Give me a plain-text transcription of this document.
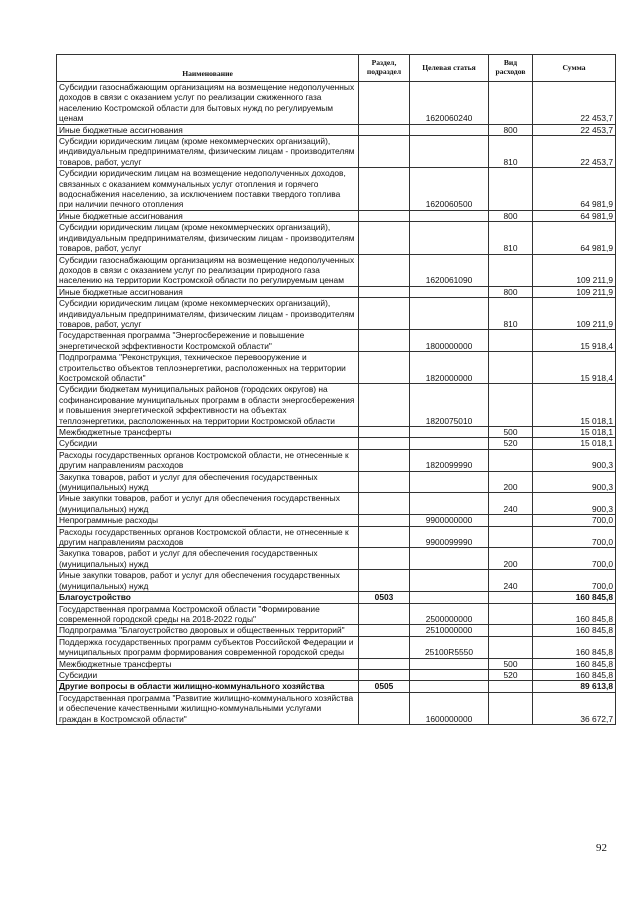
Наименование	Раздел, подраздел	Целевая статья	Вид расходов	Сумма
Субсидии газоснабжающим организациям на возмещение недополученных доходов в связи с оказанием услуг по реализации сжиженного газа населению Костромской области для бытовых нужд по регулируемым ценам		1620060240		22 453,7
Иные бюджетные ассигнования			800	22 453,7
Субсидии юридическим лицам (кроме некоммерческих организаций), индивидуальным предпринимателям, физическим лицам - производителям товаров, работ, услуг			810	22 453,7
Субсидии юридическим лицам на возмещение недополученных доходов, связанных с оказанием коммунальных услуг отопления и горячего водоснабжения населению, за исключением поставки твердого топлива при наличии печного отопления		1620060500		64 981,9
Иные бюджетные ассигнования			800	64 981,9
Субсидии юридическим лицам (кроме некоммерческих организаций), индивидуальным предпринимателям, физическим лицам - производителям товаров, работ, услуг			810	64 981,9
Субсидии газоснабжающим организациям на возмещение недополученных доходов в связи с оказанием услуг по реализации природного газа населению на территории Костромской области по регулируемым ценам		1620061090		109 211,9
Иные бюджетные ассигнования			800	109 211,9
Субсидии юридическим лицам (кроме некоммерческих организаций), индивидуальным предпринимателям, физическим лицам - производителям товаров, работ, услуг			810	109 211,9
Государственная программа "Энергосбережение и повышение энергетической эффективности Костромской области"		1800000000		15 918,4
Подпрограмма "Реконструкция, техническое перевооружение и строительство объектов теплоэнергетики, расположенных на территории Костромской области"		1820000000		15 918,4
Субсидии бюджетам муниципальных районов (городских округов) на софинансирование муниципальных программ в области энергосбережения и повышения энергетической эффективности на объектах теплоэнергетики, расположенных на территории Костромской области		1820075010		15 018,1
Межбюджетные трансферты			500	15 018,1
Субсидии			520	15 018,1
Расходы государственных органов Костромской области, не отнесенные к другим направлениям расходов		1820099990		900,3
Закупка товаров, работ и услуг для обеспечения государственных (муниципальных) нужд			200	900,3
Иные закупки товаров, работ и услуг для обеспечения государственных (муниципальных) нужд			240	900,3
Непрограммные расходы		9900000000		700,0
Расходы государственных органов Костромской области, не отнесенные к другим направлениям расходов		9900099990		700,0
Закупка товаров, работ и услуг для обеспечения государственных (муниципальных) нужд			200	700,0
Иные закупки товаров, работ и услуг для обеспечения государственных (муниципальных) нужд			240	700,0
Благоустройство	0503			160 845,8
Государственная программа Костромской области "Формирование современной городской среды на 2018-2022 годы"		2500000000		160 845,8
Подпрограмма "Благоустройство дворовых и общественных территорий"		2510000000		160 845,8
Поддержка государственных программ субъектов Российской Федерации и муниципальных программ формирования современной городской среды		25100R5550		160 845,8
Межбюджетные трансферты			500	160 845,8
Субсидии			520	160 845,8
Другие вопросы в области жилищно-коммунального хозяйства	0505			89 613,8
Государственная программа "Развитие жилищно-коммунального хозяйства и обеспечение качественными жилищно-коммунальными услугами граждан в Костромской области"		1600000000		36 672,7
92
